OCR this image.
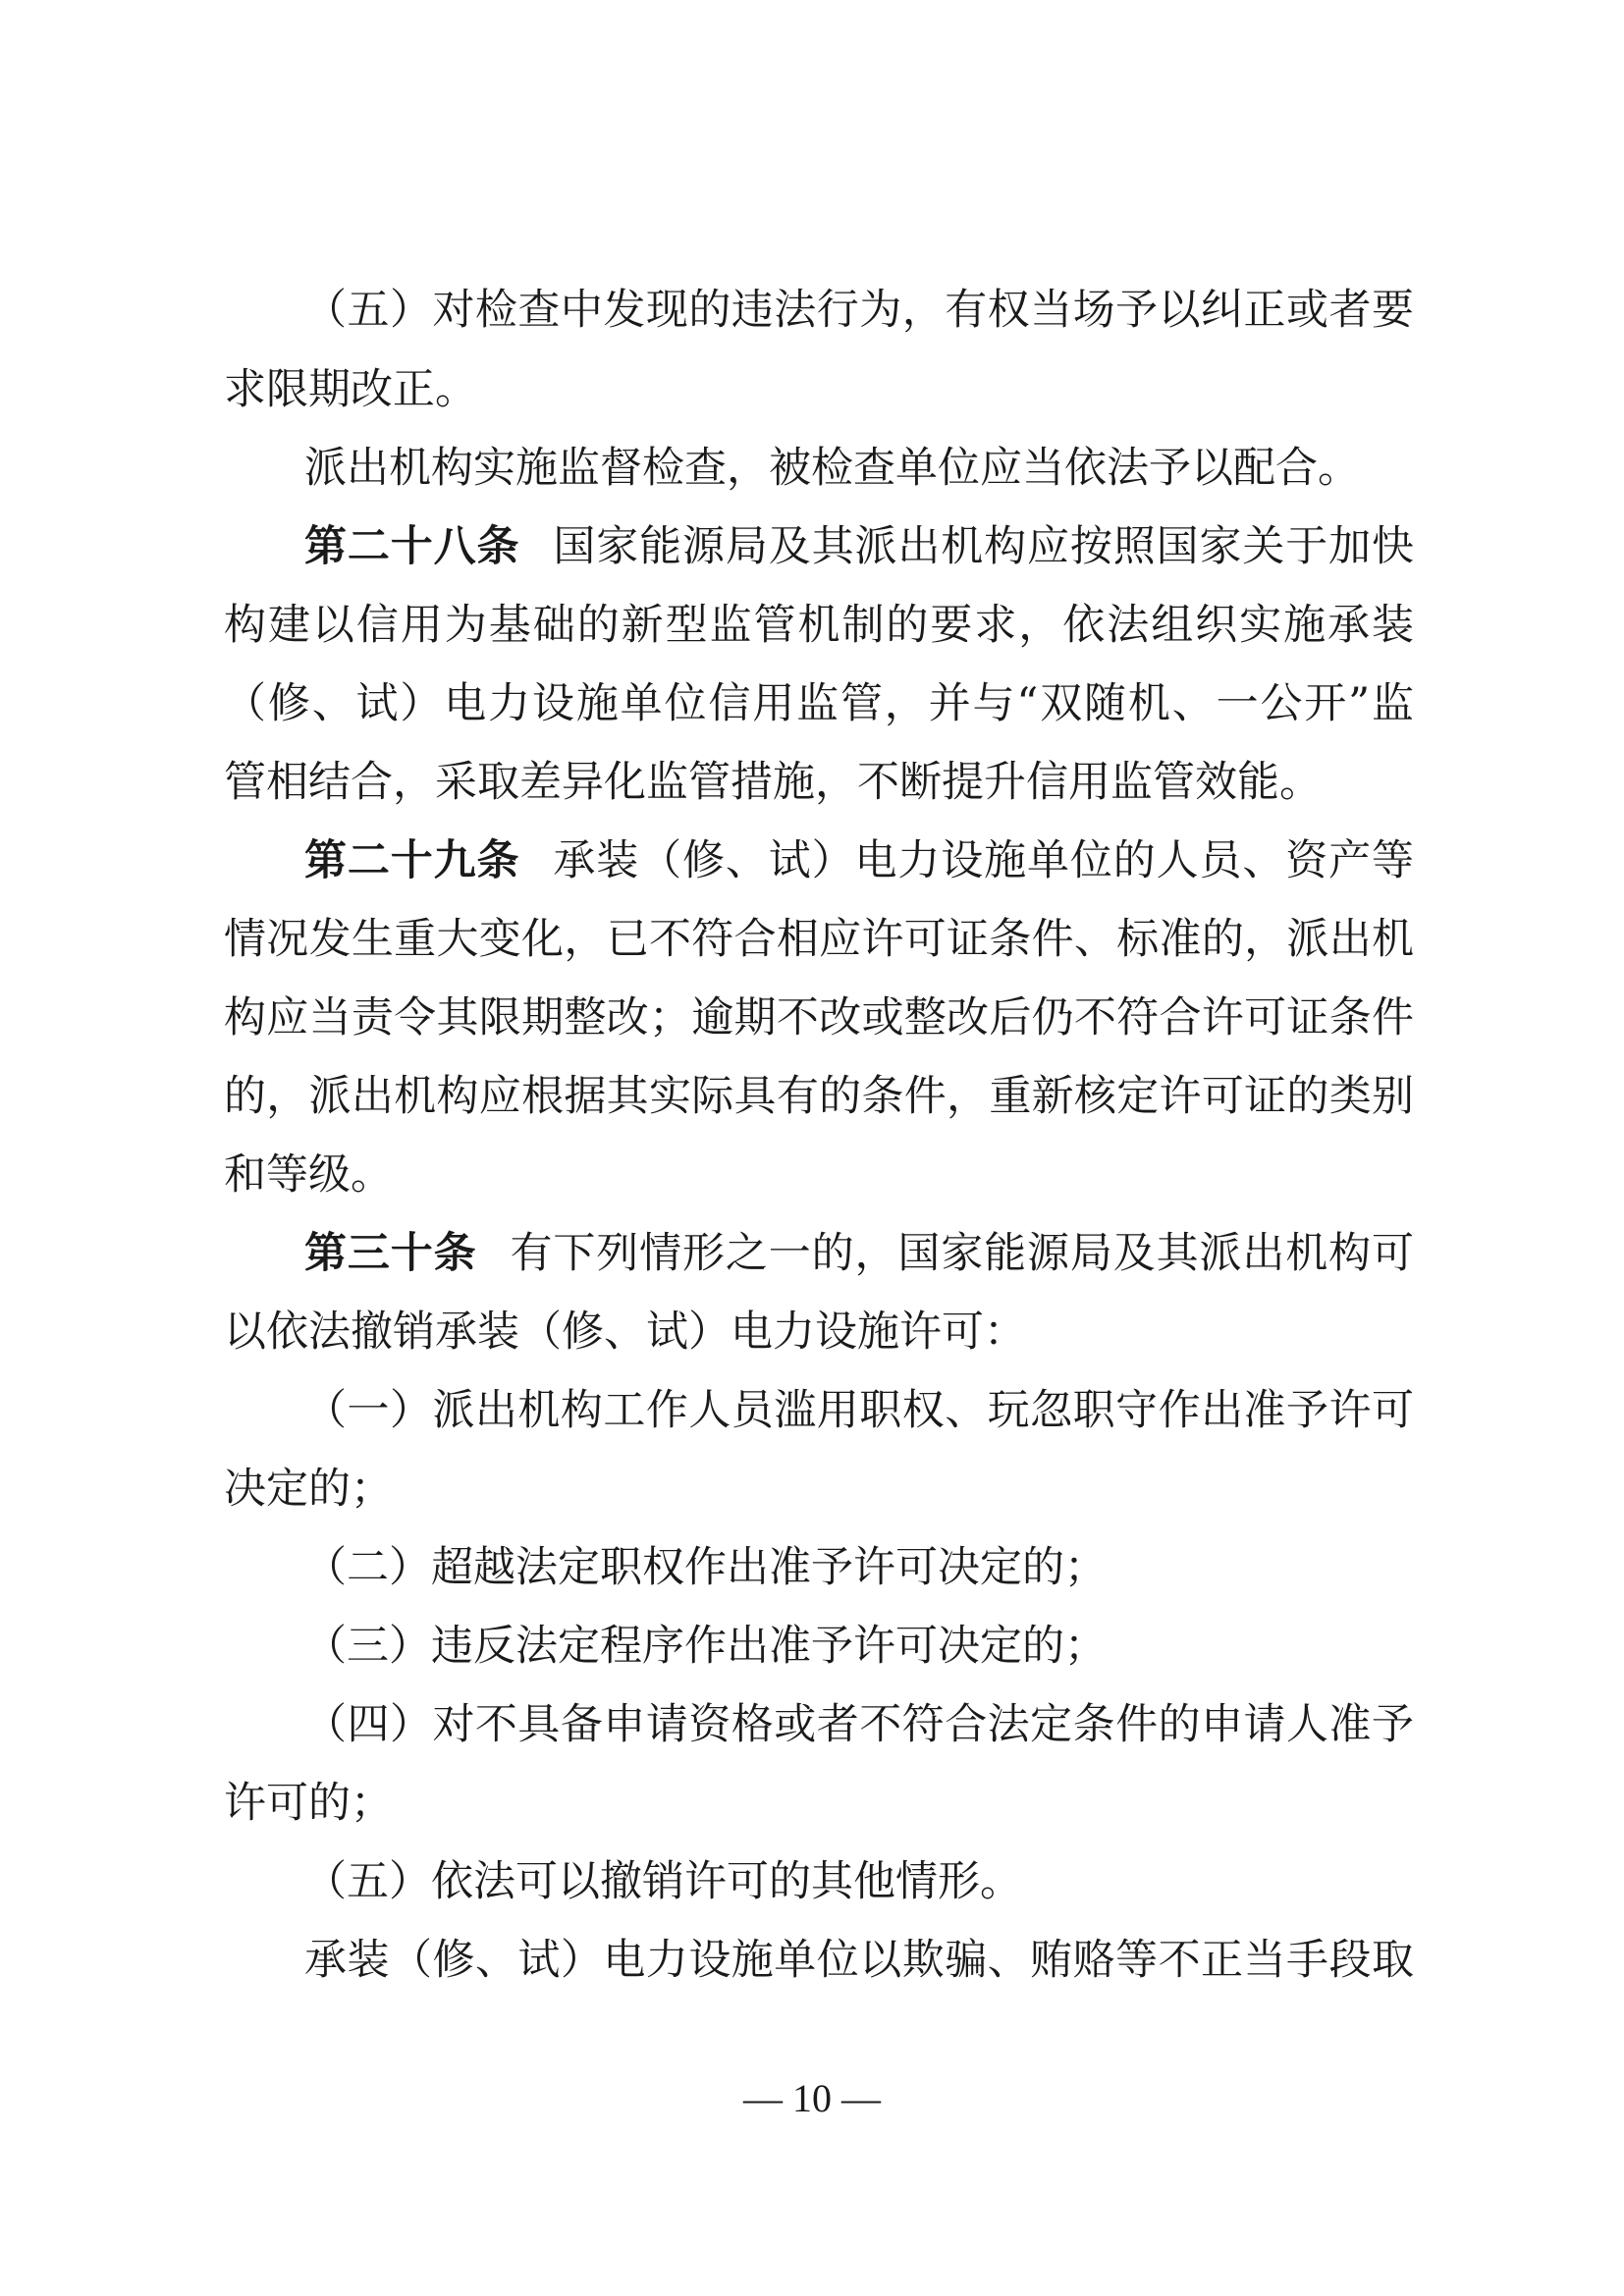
（五）对检查中发现的违法行为，有权当场予以纠正或者要
求限期改正。
派出机构实施监督检查，被检查单位应当依法予以配合。
第二十八条 国家能源局及其派出机构应按照国家关于加快
构建以信用为基础的新型监管机制的要求，依法组织实施承装
（修、试）电力设施单位信用监管，并与“双随机、一公开”监
管相结合，采取差异化监管措施，不断提升信用监管效能。
第二十九条 承装（修、试）电力设施单位的人员、资产等
情况发生重大变化，已不符合相应许可证条件、标准的，派出机
构应当责令其限期整改；逾期不改或整改后仍不符合许可证条件
的，派出机构应根据其实际具有的条件，重新核定许可证的类别
和等级。
第三十条 有下列情形之一的，国家能源局及其派出机构可
以依法撤销承装（修、试）电力设施许可：
（一）派出机构工作人员滥用职权、玩忽职守作出准予许可
决定的；
（二）超越法定职权作出准予许可决定的；
（三）违反法定程序作出准予许可决定的；
（四）对不具备申请资格或者不符合法定条件的申请人准予
许可的；
（五）依法可以撤销许可的其他情形。
承装（修、试）电力设施单位以欺骗、贿赂等不正当手段取
— 10 —
